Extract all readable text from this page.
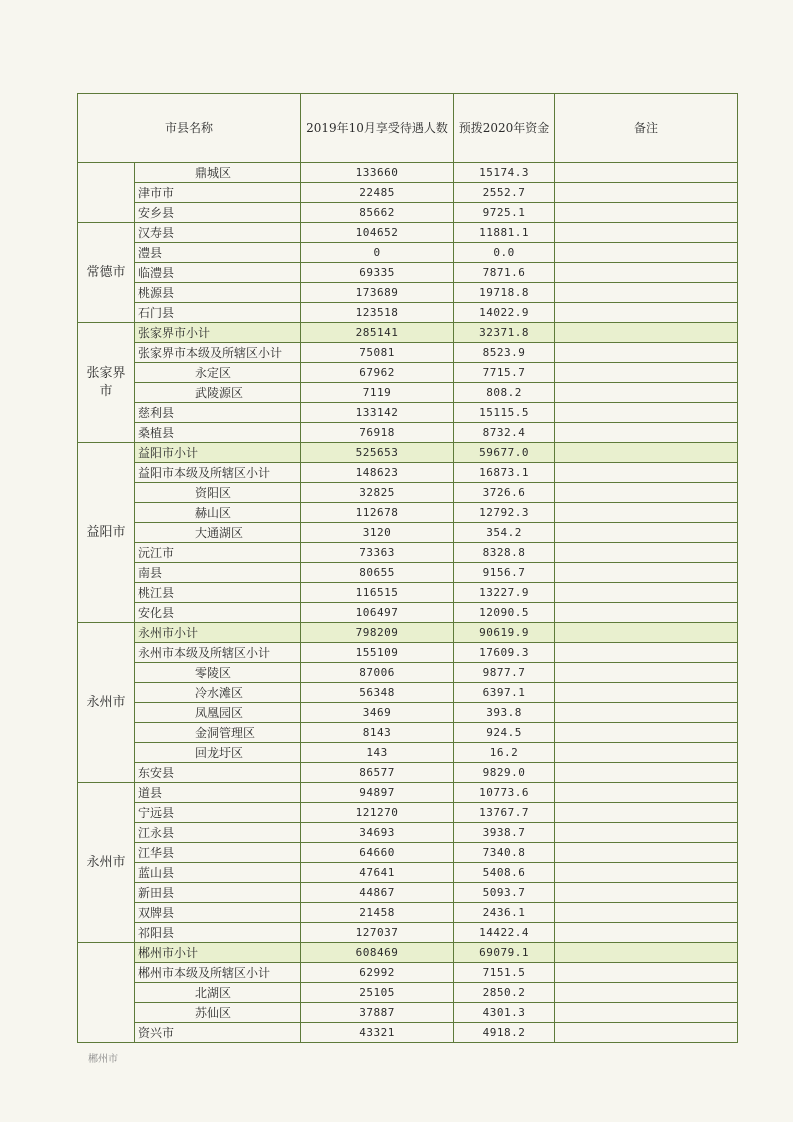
市县名称		2019年10月享受待遇人数	预拨2020年资金	备注
	鼎城区	133660	15174.3	
	津市市	22485	2552.7	
	安乡县	85662	9725.1	
常德市	汉寿县	104652	11881.1	
	澧县	0	0.0	
	临澧县	69335	7871.6	
	桃源县	173689	19718.8	
	石门县	123518	14022.9	
张家界市	张家界市小计	285141	32371.8	
	张家界市本级及所辖区小计	75081	8523.9	
	永定区	67962	7715.7	
	武陵源区	7119	808.2	
	慈利县	133142	15115.5	
	桑植县	76918	8732.4	
益阳市	益阳市小计	525653	59677.0	
	益阳市本级及所辖区小计	148623	16873.1	
	资阳区	32825	3726.6	
	赫山区	112678	12792.3	
	大通湖区	3120	354.2	
	沅江市	73363	8328.8	
	南县	80655	9156.7	
	桃江县	116515	13227.9	
	安化县	106497	12090.5	
永州市	永州市小计	798209	90619.9	
	永州市本级及所辖区小计	155109	17609.3	
	零陵区	87006	9877.7	
	冷水滩区	56348	6397.1	
	凤凰园区	3469	393.8	
	金洞管理区	8143	924.5	
	回龙圩区	143	16.2	
	东安县	86577	9829.0	
永州市	道县	94897	10773.6	
	宁远县	121270	13767.7	
	江永县	34693	3938.7	
	江华县	64660	7340.8	
	蓝山县	47641	5408.6	
	新田县	44867	5093.7	
	双牌县	21458	2436.1	
	祁阳县	127037	14422.4	
	郴州市小计	608469	69079.1	
	郴州市本级及所辖区小计	62992	7151.5	
	北湖区	25105	2850.2	
	苏仙区	37887	4301.3	
	资兴市	43321	4918.2	
郴州市
